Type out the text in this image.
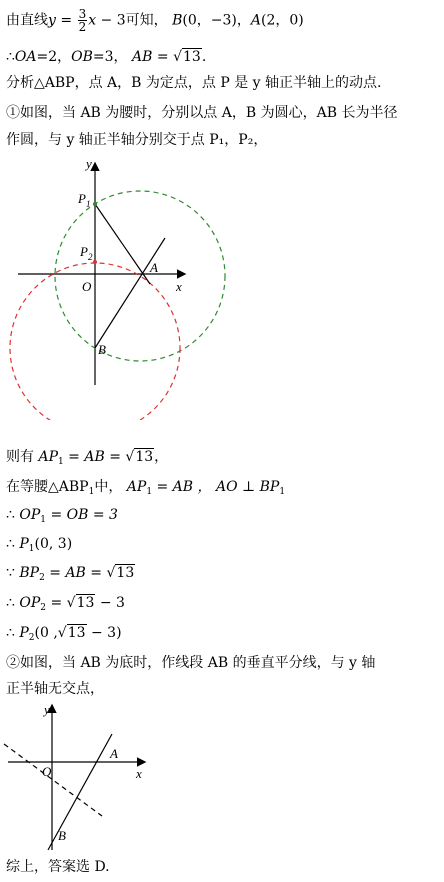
由直线$y = \frac{3}{2}$ x − 3可知， B(0，−3)，A(2，0)
∴OA=2，OB=3， AB = √13.
分析△ABP，点 A，B 为定点，点 P 是 y 轴正半轴上的动点.
①如图，当 AB 为腰时，分别以点 A，B 为圆心，AB 长为半径
作圆，与 y 轴正半轴分别交于点 P₁，P₂，
y
x
O
A
B
$P_1$
$P_2$
则有 $AP_1$ = AB = √13，
在等腰$\triangle ABP_1$中， $AP_1$ = AB ， AO ⊥ $BP_1$
∴ $OP_1$ = OB = 3
∴ $P_1(0$, 3)
∵ $BP_2$ = AB = √13
∴ $OP_2 = √13 - 3$
∴ $P_2(0$ ,√13 − 3)
②如图，当 AB 为底时，作线段 AB 的垂直平分线，与 y 轴
正半轴无交点，
y
x
O
A
B
综上，答案选 D.
